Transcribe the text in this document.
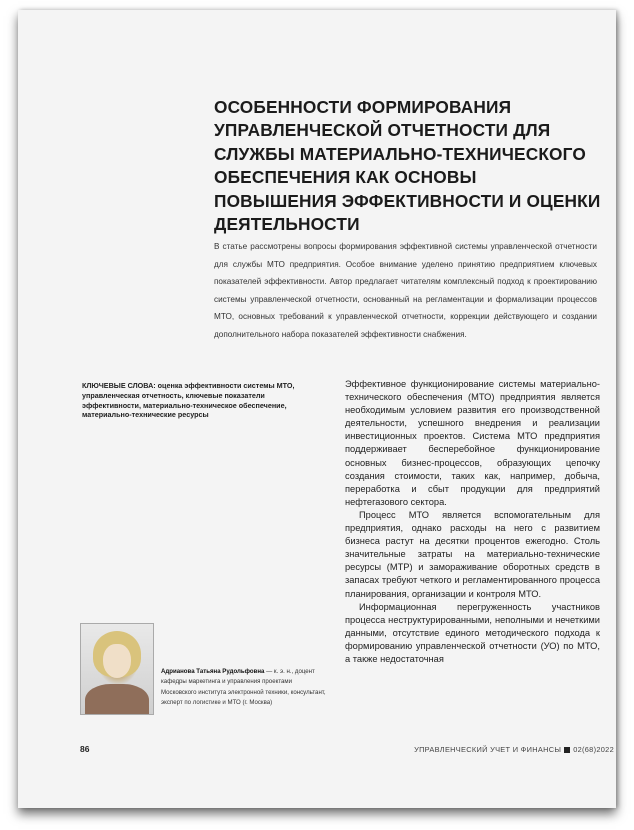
ОСОБЕННОСТИ ФОРМИРОВАНИЯ УПРАВЛЕНЧЕСКОЙ ОТЧЕТНОСТИ ДЛЯ СЛУЖБЫ МАТЕРИАЛЬНО-ТЕХНИЧЕСКОГО ОБЕСПЕЧЕНИЯ КАК ОСНОВЫ ПОВЫШЕНИЯ ЭФФЕКТИВНОСТИ И ОЦЕНКИ ДЕЯТЕЛЬНОСТИ

В статье рассмотрены вопросы формирования эффективной системы управленческой отчетности для службы МТО предприятия. Особое внимание уделено принятию предприятием ключевых показателей эффективности. Автор предлагает читателям комплексный подход к проектированию системы управленческой отчетности, основанный на регламентации и формализации процессов МТО, основных требований к управленческой отчетности, коррекции действующего и создании дополнительного набора показателей эффективности снабжения.

КЛЮЧЕВЫЕ СЛОВА: оценка эффективности системы МТО, управленческая отчетность, ключевые показатели эффективности, материально-техническое обеспечение, материально-технические ресурсы

Эффективное функционирование системы материально-технического обеспечения (МТО) предприятия является необходимым условием развития его производственной деятельности, успешного внедрения и реализации инвестиционных проектов. Система МТО предприятия поддерживает бесперебойное функционирование основных бизнес-процессов, образующих цепочку создания стоимости, таких как, например, добыча, переработка и сбыт продукции для предприятий нефтегазового сектора.

Процесс МТО является вспомогательным для предприятия, однако расходы на него с развитием бизнеса растут на десятки процентов ежегодно. Столь значительные затраты на материально-технические ресурсы (МТР) и замораживание оборотных средств в запасах требуют четкого и регламентированного процесса планирования, организации и контроля МТО.

Информационная перегруженность участников процесса неструктурированными, неполными и нечеткими данными, отсутствие единого методического подхода к формированию управленческой отчетности (УО) по МТО, а также недостаточная

Адрианова Татьяна Рудольфовна — к. э. н., доцент кафедры маркетинга и управления проектами Московского института электронной техники, консультант, эксперт по логистике и МТО (г. Москва)
86	УПРАВЛЕНЧЕСКИЙ УЧЕТ И ФИНАНСЫ 02(68)2022
